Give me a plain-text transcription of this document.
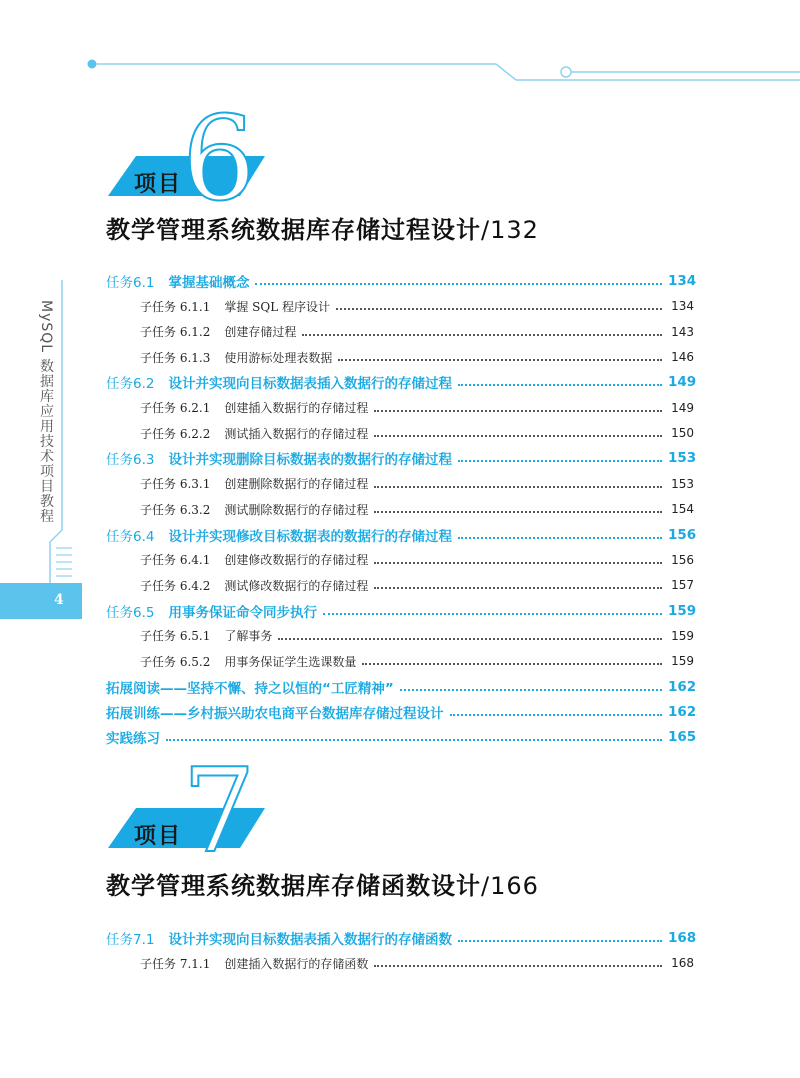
MySQL 数据库应用技术项目教程
4
项目 6
教学管理系统数据库存储过程设计/132
任务6.1 掌握基础概念	134
子任务 6.1.1 掌握 SQL 程序设计	134
子任务 6.1.2 创建存储过程	143
子任务 6.1.3 使用游标处理表数据	146
任务6.2 设计并实现向目标数据表插入数据行的存储过程	149
子任务 6.2.1 创建插入数据行的存储过程	149
子任务 6.2.2 测试插入数据行的存储过程	150
任务6.3 设计并实现删除目标数据表的数据行的存储过程	153
子任务 6.3.1 创建删除数据行的存储过程	153
子任务 6.3.2 测试删除数据行的存储过程	154
任务6.4 设计并实现修改目标数据表的数据行的存储过程	156
子任务 6.4.1 创建修改数据行的存储过程	156
子任务 6.4.2 测试修改数据行的存储过程	157
任务6.5 用事务保证命令同步执行	159
子任务 6.5.1 了解事务	159
子任务 6.5.2 用事务保证学生选课数量	159
拓展阅读——坚持不懈、持之以恒的“工匠精神”	162
拓展训练——乡村振兴助农电商平台数据库存储过程设计	162
实践练习	165
项目 7
教学管理系统数据库存储函数设计/166
任务7.1 设计并实现向目标数据表插入数据行的存储函数	168
子任务 7.1.1 创建插入数据行的存储函数	168
